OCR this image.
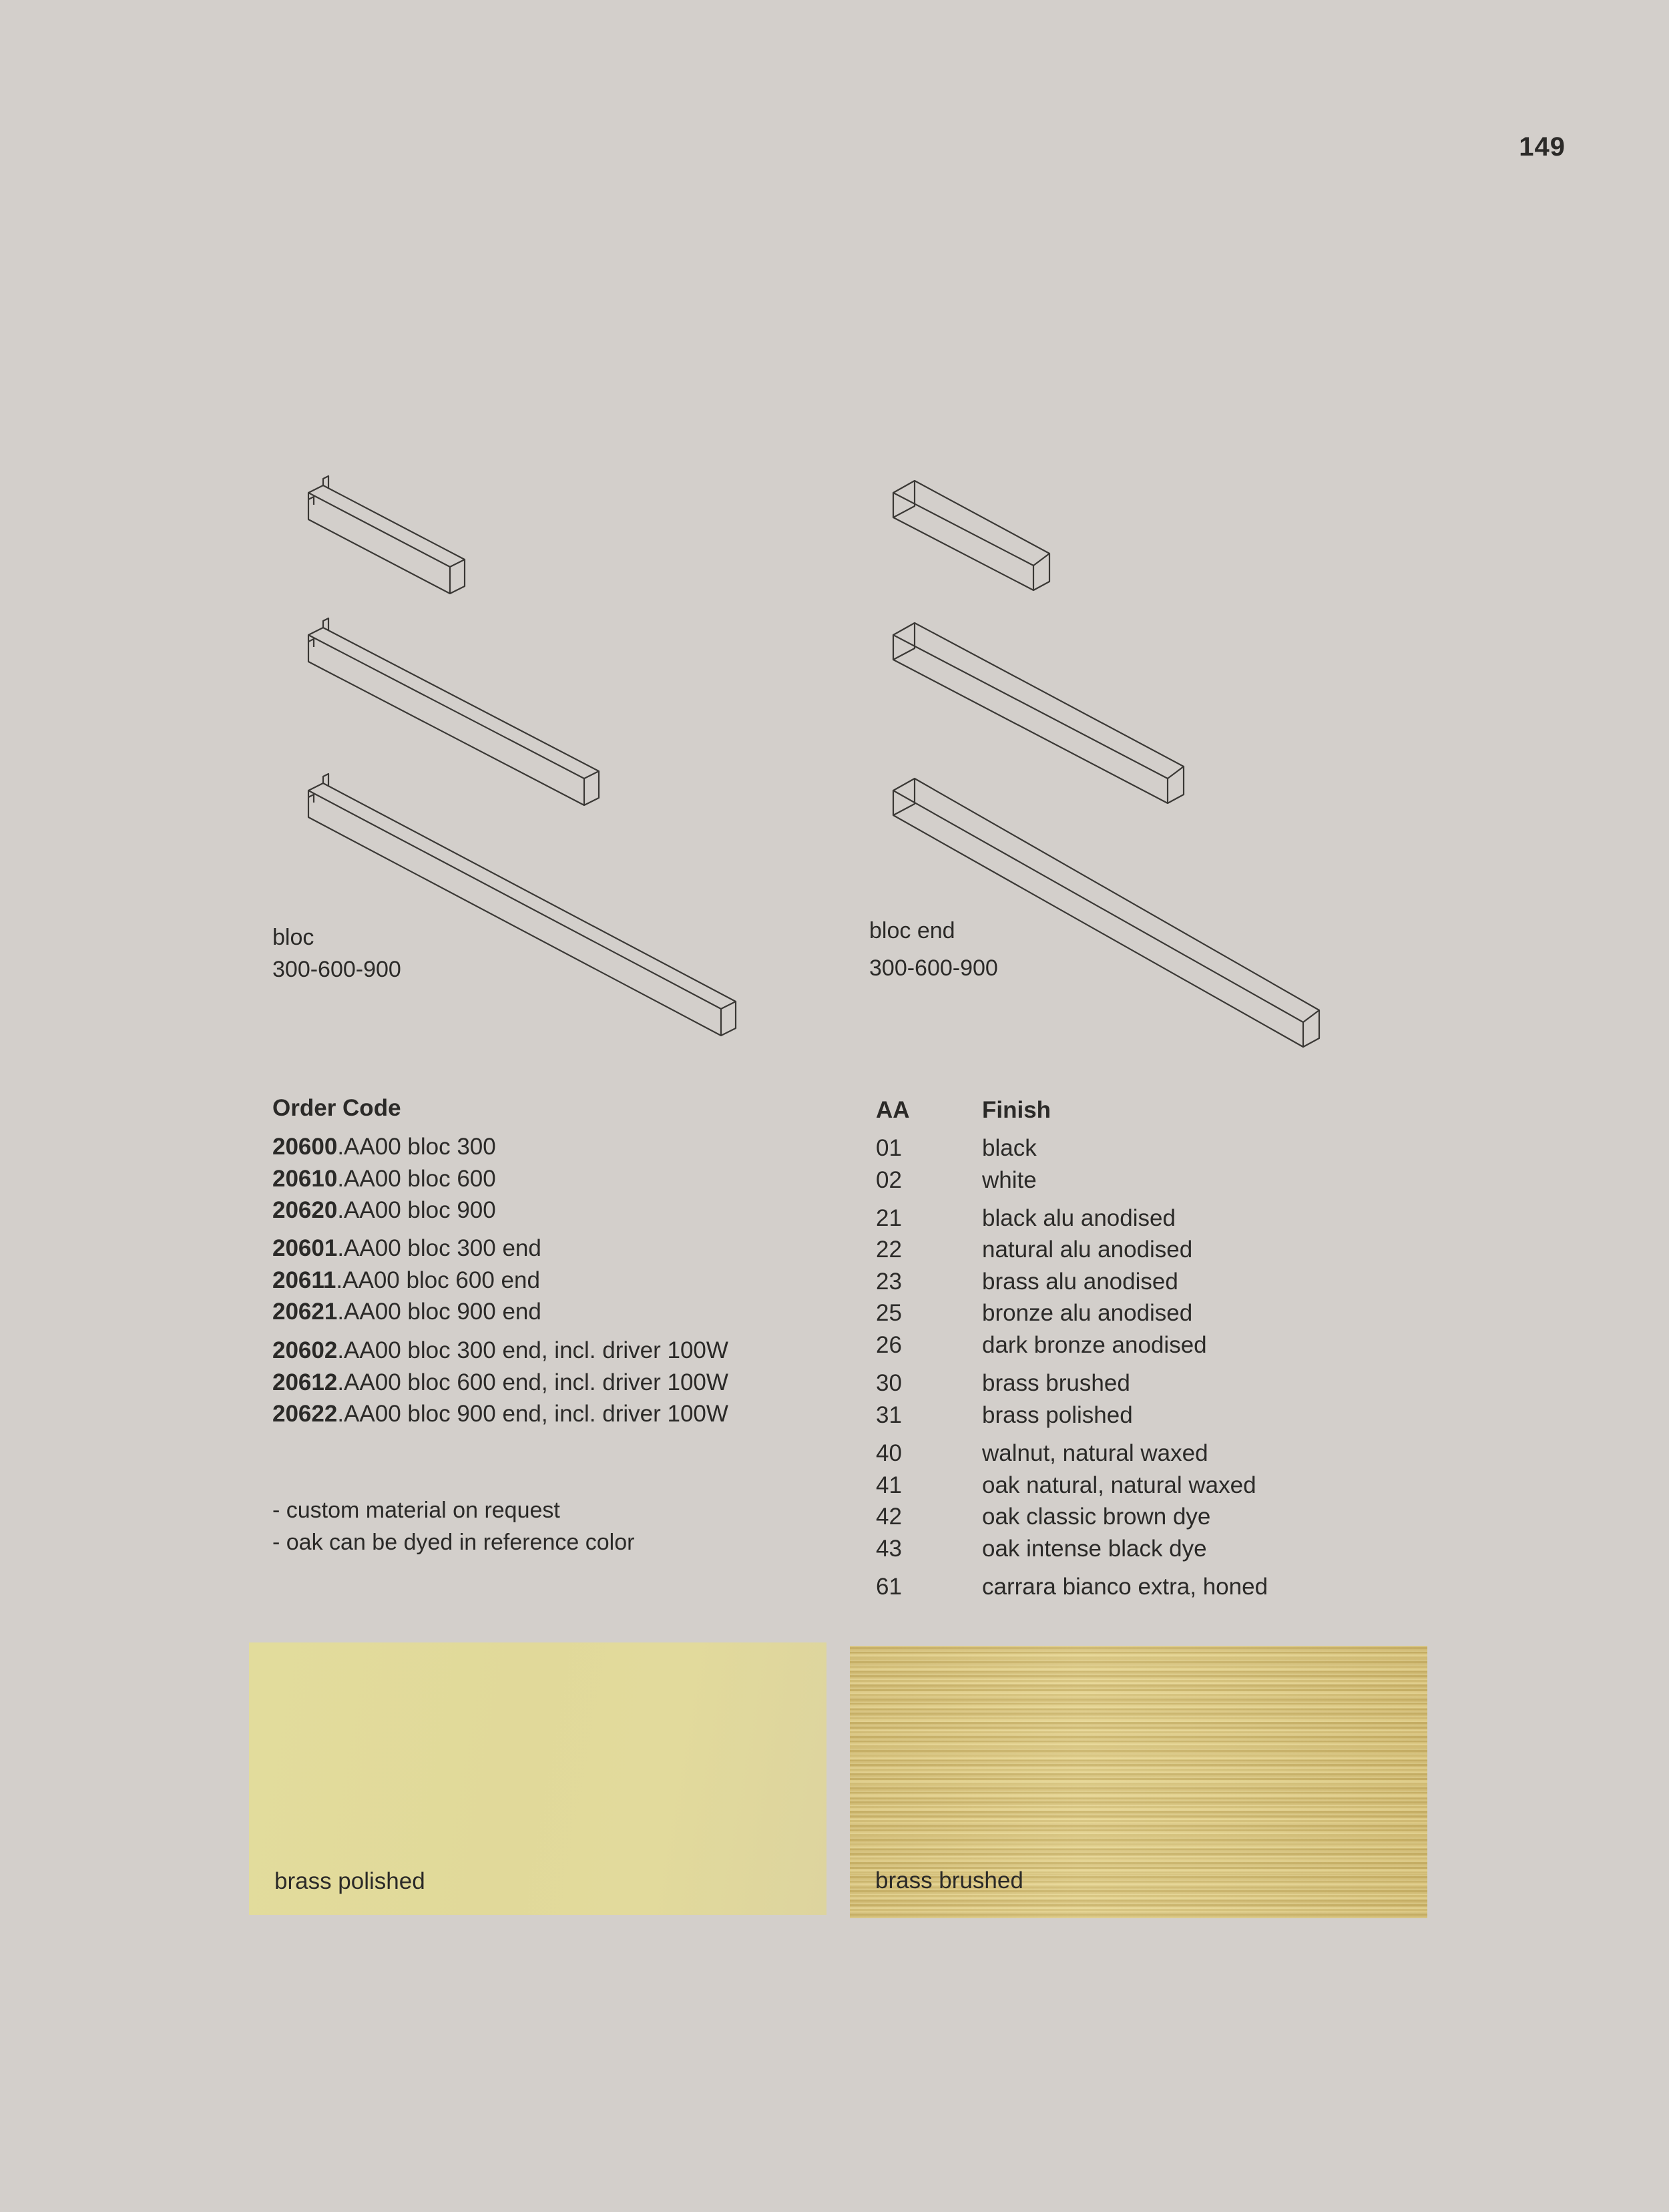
149
bloc
300-600-900
bloc end
300-600-900
Order Code
20600.AA00 bloc 300
20610.AA00 bloc 600
20620.AA00 bloc 900
20601.AA00 bloc 300 end
20611.AA00 bloc 600 end
20621.AA00 bloc 900 end
20602.AA00 bloc 300 end, incl. driver 100W
20612.AA00 bloc 600 end, incl. driver 100W
20622.AA00 bloc 900 end, incl. driver 100W
- custom material on request
- oak can be dyed in reference color
AA	Finish
01	black
02	white
21	black alu anodised
22	natural alu anodised
23	brass alu anodised
25	bronze alu anodised
26	dark bronze anodised
30	brass brushed
31	brass polished
40	walnut, natural waxed
41	oak natural, natural waxed
42	oak classic brown dye
43	oak intense black dye
61	carrara bianco extra, honed
brass polished	brass brushed
